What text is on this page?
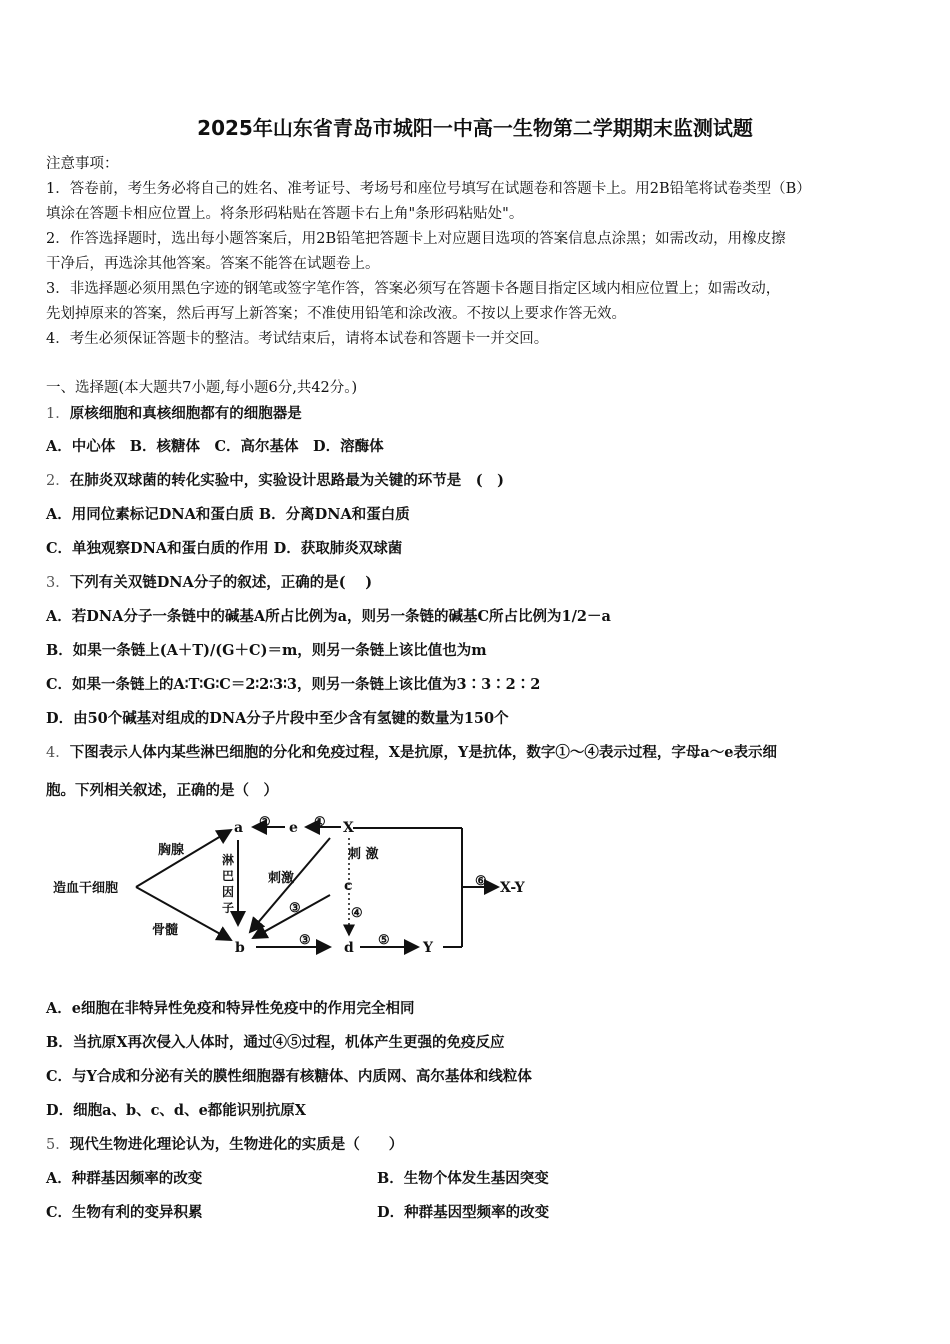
2025年山东省青岛市城阳一中高一生物第二学期期末监测试题
注意事项：
1．答卷前，考生务必将自己的姓名、准考证号、考场号和座位号填写在试题卷和答题卡上。用2B铅笔将试卷类型（B）
填涂在答题卡相应位置上。将条形码粘贴在答题卡右上角"条形码粘贴处"。
2．作答选择题时，选出每小题答案后，用2B铅笔把答题卡上对应题目选项的答案信息点涂黑；如需改动，用橡皮擦
干净后，再选涂其他答案。答案不能答在试题卷上。
3．非选择题必须用黑色字迹的钢笔或签字笔作答，答案必须写在答题卡各题目指定区域内相应位置上；如需改动，
先划掉原来的答案，然后再写上新答案；不准使用铅笔和涂改液。不按以上要求作答无效。
4．考生必须保证答题卡的整洁。考试结束后，请将本试卷和答题卡一并交回。
一、选择题(本大题共7小题,每小题6分,共42分。)
1．原核细胞和真核细胞都有的细胞器是
A．中心体　B．核糖体　C．高尔基体　D．溶酶体
2．在肺炎双球菌的转化实验中，实验设计思路最为关键的环节是　(　)
A．用同位素标记DNA和蛋白质 B．分离DNA和蛋白质
C．单独观察DNA和蛋白质的作用 D．获取肺炎双球菌
3．下列有关双链DNA分子的叙述，正确的是(　 )
A．若DNA分子一条链中的碱基A所占比例为a，则另一条链的碱基C所占比例为1/2－a
B．如果一条链上(A＋T)/(G＋C)＝m，则另一条链上该比值也为m
C．如果一条链上的A∶T∶G∶C＝2∶2∶3∶3，则另一条链上该比值为3∶3∶2∶2
D．由50个碱基对组成的DNA分子片段中至少含有氢键的数量为150个
4．下图表示人体内某些淋巴细胞的分化和免疫过程，X是抗原，Y是抗体，数字①～④表示过程，字母a～e表示细
胞。下列相关叙述，正确的是（　）
造血干细胞
胸腺
骨髓
a
b
c
d
e	X
Y
X-Y
刺激
刺 激
淋
巴
因
子
①
②
③
③
④
⑤
⑥
A．e细胞在非特异性免疫和特异性免疫中的作用完全相同
B．当抗原X再次侵入人体时，通过④⑤过程，机体产生更强的免疫反应
C．与Y合成和分泌有关的膜性细胞器有核糖体、内质网、高尔基体和线粒体
D．细胞a、b、c、d、e都能识别抗原X
5．现代生物进化理论认为，生物进化的实质是（　　）
A．种群基因频率的改变	B．生物个体发生基因突变
C．生物有利的变异积累	D．种群基因型频率的改变
